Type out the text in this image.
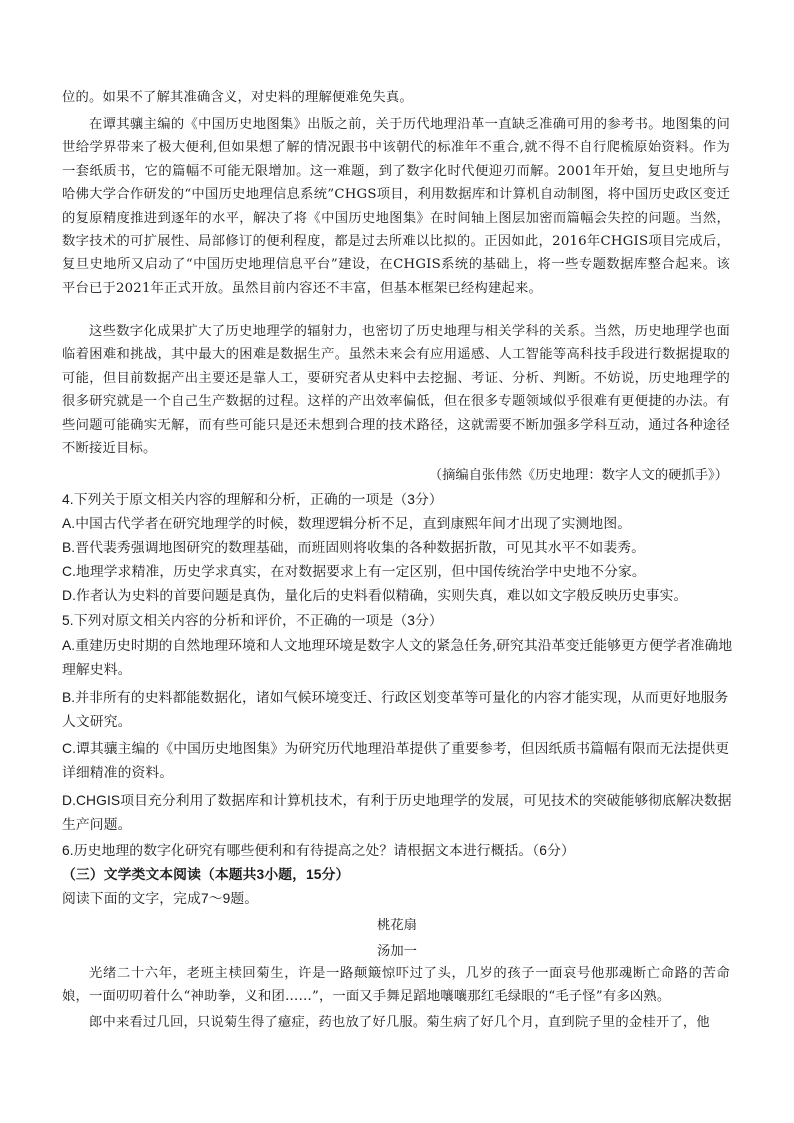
位的。如果不了解其准确含义，对史料的理解便难免失真。
在谭其骧主编的《中国历史地图集》出版之前，关于历代地理沿革一直缺乏准确可用的参考书。地图集的问世给学界带来了极大便利,但如果想了解的情况跟书中该朝代的标准年不重合,就不得不自行爬梳原始资料。作为一套纸质书，它的篇幅不可能无限增加。这一难题，到了数字化时代便迎刃而解。2001年开始，复旦史地所与哈佛大学合作研发的“中国历史地理信息系统”CHGS项目，利用数据库和计算机自动制图，将中国历史政区变迁的复原精度推进到逐年的水平，解决了将《中国历史地图集》在时间轴上图层加密而篇幅会失控的问题。当然，数字技术的可扩展性、局部修订的便利程度，都是过去所难以比拟的。正因如此，2016年CHGIS项目完成后，复旦史地所又启动了“中国历史地理信息平台”建设，在CHGIS系统的基础上，将一些专题数据库整合起来。该平台已于2021年正式开放。虽然目前内容还不丰富，但基本框架已经构建起来。
这些数字化成果扩大了历史地理学的辐射力，也密切了历史地理与相关学科的关系。当然，历史地理学也面临着困难和挑战，其中最大的困难是数据生产。虽然未来会有应用遥感、人工智能等高科技手段进行数据提取的可能，但目前数据产出主要还是靠人工，要研究者从史料中去挖掘、考证、分析、判断。不妨说，历史地理学的很多研究就是一个自己生产数据的过程。这样的产出效率偏低，但在很多专题领域似乎很难有更便捷的办法。有些问题可能确实无解，而有些可能只是还未想到合理的技术路径，这就需要不断加强多学科互动，通过各种途径不断接近目标。
（摘编自张伟然《历史地理：数字人文的硬抓手》）
4.下列关于原文相关内容的理解和分析，正确的一项是（3分）
A.中国古代学者在研究地理学的时候，数理逻辑分析不足，直到康熙年间才出现了实测地图。
B.晋代裴秀强调地图研究的数理基础，而班固则将收集的各种数据折散，可见其水平不如裴秀。
C.地理学求精准，历史学求真实，在对数据要求上有一定区别，但中国传统治学中史地不分家。
D.作者认为史料的首要问题是真伪，量化后的史料看似精确，实则失真，难以如文字般反映历史事实。
5.下列对原文相关内容的分析和评价，不正确的一项是（3分）
A.重建历史时期的自然地理环境和人文地理环境是数字人文的紧急任务,研究其沿革变迁能够更方便学者准确地理解史料。
B.并非所有的史料都能数据化，诸如气候环境变迁、行政区划变革等可量化的内容才能实现，从而更好地服务人文研究。
C.谭其骧主编的《中国历史地图集》为研究历代地理沿革提供了重要参考，但因纸质书篇幅有限而无法提供更详细精准的资料。
D.CHGIS项目充分利用了数据库和计算机技术，有利于历史地理学的发展，可见技术的突破能够彻底解决数据生产问题。
6.历史地理的数字化研究有哪些便利和有待提高之处？请根据文本进行概括。（6分）
（三）文学类文本阅读（本题共3小题，15分）
阅读下面的文字，完成7～9题。
桃花扇
汤加一
光绪二十六年，老班主椟回菊生，许是一路颠簸惊吓过了头，几岁的孩子一面哀号他那魂断亡命路的苦命娘，一面叨叨着什么“神助拳，义和团……”，一面又手舞足蹈地嚷嚷那红毛绿眼的“毛子怪”有多凶熟。
郎中来看过几回，只说菊生得了癔症，药也放了好几服。菊生病了好几个月，直到院子里的金桂开了，他
